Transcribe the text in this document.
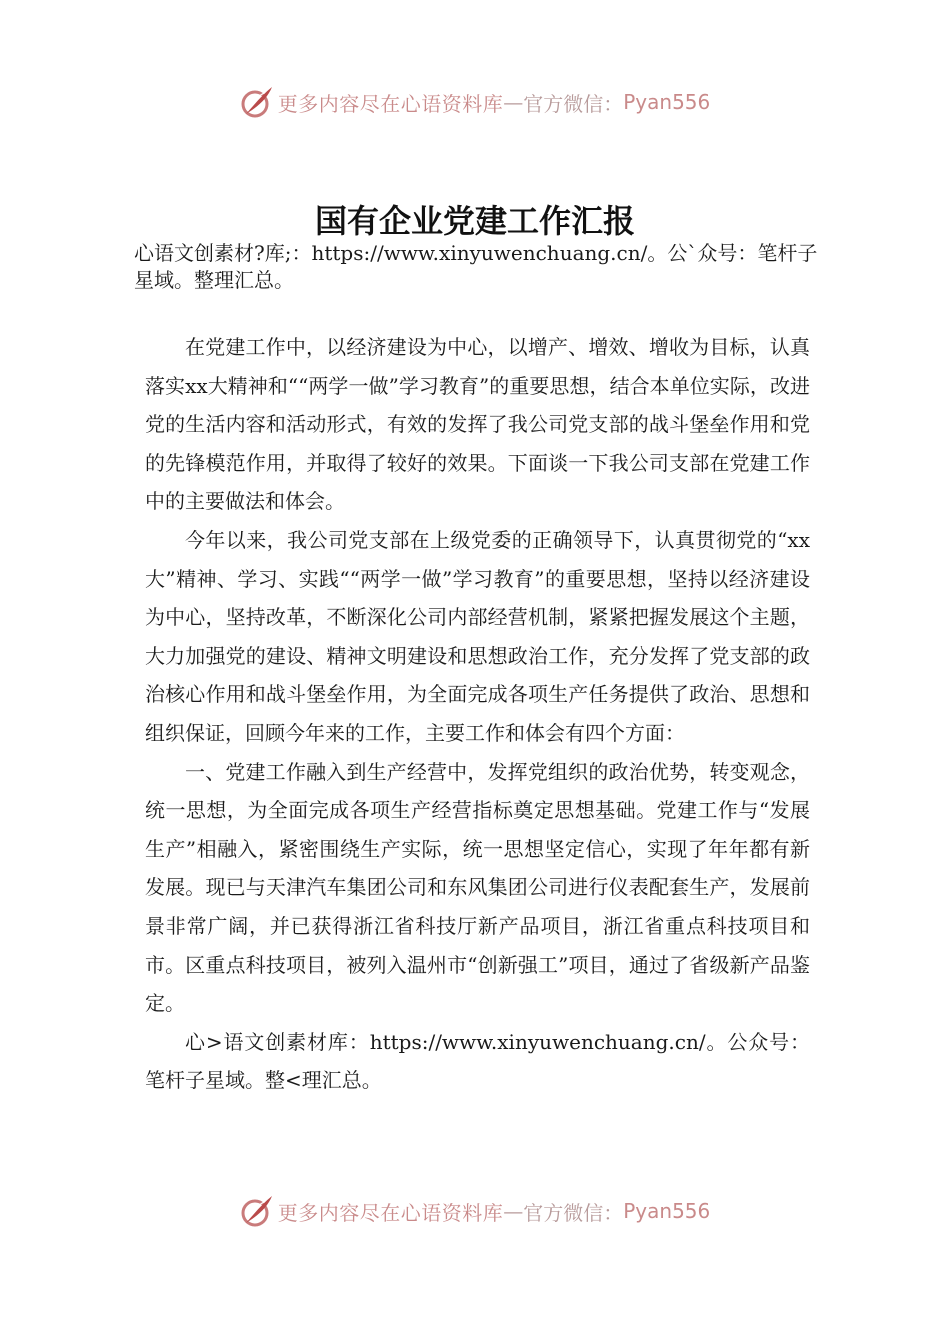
更多内容尽在心语资料库 — 官方微信： Pyan556
国有企业党建工作汇报

心语文创素材?库;：https://www.xinyuwenchuang.cn/。公`众号：笔杆子星域。整理汇总。

在党建工作中，以经济建设为中心，以增产、增效、增收为目标，认真落实xx大精神和““两学一做”学习教育”的重要思想，结合本单位实际，改进党的生活内容和活动形式，有效的发挥了我公司党支部的战斗堡垒作用和党的先锋模范作用，并取得了较好的效果。下面谈一下我公司支部在党建工作中的主要做法和体会。

今年以来，我公司党支部在上级党委的正确领导下，认真贯彻党的“xx大”精神、学习、实践““两学一做”学习教育”的重要思想，坚持以经济建设为中心，坚持改革，不断深化公司内部经营机制，紧紧把握发展这个主题，大力加强党的建设、精神文明建设和思想政治工作，充分发挥了党支部的政治核心作用和战斗堡垒作用，为全面完成各项生产任务提供了政治、思想和组织保证，回顾今年来的工作，主要工作和体会有四个方面：

一、党建工作融入到生产经营中，发挥党组织的政治优势，转变观念，统一思想，为全面完成各项生产经营指标奠定思想基础。党建工作与“发展生产”相融入，紧密围绕生产实际，统一思想坚定信心，实现了年年都有新发展。现已与天津汽车集团公司和东风集团公司进行仪表配套生产，发展前景非常广阔，并已获得浙江省科技厅新产品项目，浙江省重点科技项目和市。区重点科技项目，被列入温州市“创新强工”项目，通过了省级新产品鉴定。

心>语文创素材库：https://www.xinyuwenchuang.cn/。公众号：笔杆子星域。整<理汇总。

更多内容尽在心语资料库 — 官方微信： Pyan556
